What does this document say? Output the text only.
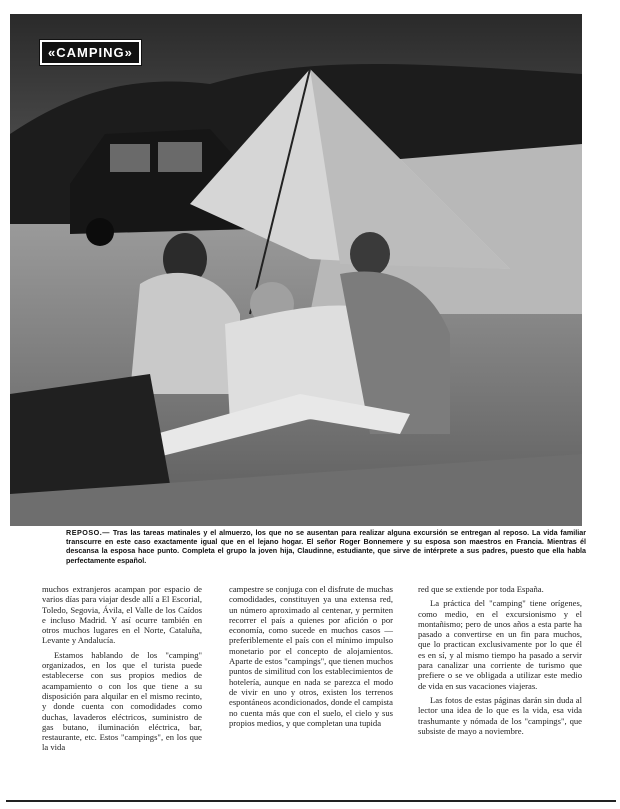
«CAMPING»
REPOSO.— Tras las tareas matinales y el almuerzo, los que no se ausentan para realizar alguna excursión se entregan al reposo. La vida familiar transcurre en este caso exactamente igual que en el lejano hogar. El señor Roger Bonnemere y su esposa son maestros en Francia. Mientras él descansa la esposa hace punto. Completa el grupo la joven hija, Claudinne, estudiante, que sirve de intérprete a sus padres, puesto que ella habla perfectamente español.

muchos extranjeros acampan por espacio de varios días para viajar desde allí a El Escorial, Toledo, Segovia, Ávila, el Valle de los Caídos e incluso Madrid. Y así ocurre también en otros muchos lugares en el Norte, Cataluña, Levante y Andalucía.

Estamos hablando de los "camping" organizados, en los que el turista puede establecerse con sus propios medios de acampamiento o con los que tiene a su disposición para alquilar en el mismo recinto, y donde cuenta con comodidades como duchas, lavaderos eléctricos, suministro de gas butano, iluminación eléctrica, bar, restaurante, etc. Estos "campings", en los que la vida

campestre se conjuga con el disfrute de muchas comodidades, constituyen ya una extensa red, un número aproximado al centenar, y permiten recorrer el país a quienes por afición o por economía, como sucede en muchos casos —preferiblemente el país con el mínimo impulso monetario por el concepto de alojamientos. Aparte de estos "campings", que tienen muchos puntos de similitud con los establecimientos de hotelería, aunque en nada se parezca el modo de vivir en uno y otros, existen los terrenos espontáneos acondicionados, donde el campista no cuenta más que con el suelo, el cielo y sus propios medios, y que completan una tupida

red que se extiende por toda España.

La práctica del "camping" tiene orígenes, como medio, en el excursionismo y el montañismo; pero de unos años a esta parte ha pasado a convertirse en un fin para muchos, que lo practican exclusivamente por lo que él es en sí, y al mismo tiempo ha pasado a servir para canalizar una corriente de turismo que prefiere o se ve obligada a utilizar este medio de vida en sus vacaciones viajeras.

Las fotos de estas páginas darán sin duda al lector una idea de lo que es la vida, esa vida trashumante y nómada de los "campings", que subsiste de mayo a noviembre.
